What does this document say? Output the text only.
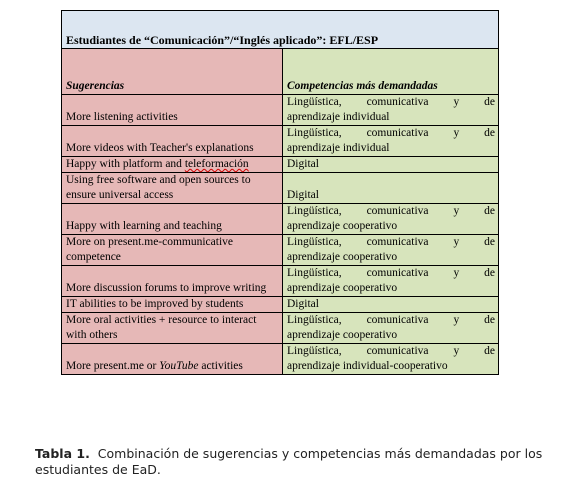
Estudiantes de “Comunicación”/“Inglés aplicado”: EFL/ESP	
Sugerencias	Competencias más demandadas
More listening activities	Lingüística, comunicativa y de
aprendizaje individual

More videos with Teacher's explanations	Lingüística, comunicativa y de
aprendizaje individual

Happy with platform and teleformación	Digital
Using free software and open sources to ensure universal access	Digital
Happy with learning and teaching	Lingüística, comunicativa y de
aprendizaje cooperativo

More on present.me-communicative competence	Lingüística, comunicativa y de
aprendizaje cooperativo

More discussion forums to improve writing	Lingüística, comunicativa y de
aprendizaje cooperativo

IT abilities to be improved by students	Digital
More oral activities + resource to interact with others	Lingüística, comunicativa y de
aprendizaje cooperativo

More present.me or YouTube activities	Lingüística, comunicativa y de
aprendizaje individual-cooperativo
Tabla 1. Combinación de sugerencias y competencias más demandadas por los estudiantes de EaD.
